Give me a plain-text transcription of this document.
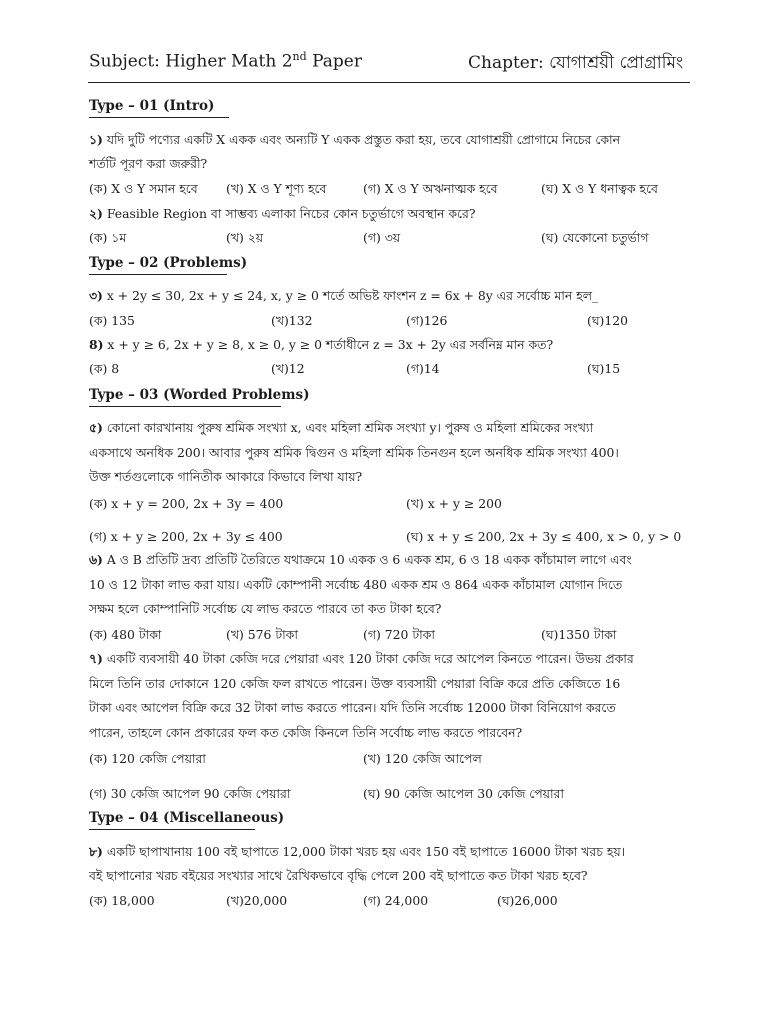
Subject: Higher Math 2nd Paper	Chapter: যোগাশ্রয়ী প্রোগ্রামিং
Type – 01 (Intro)
১) যদি দুটি পণ্যের একটি X একক এবং অন্যটি Y একক প্রস্তুত করা হয়, তবে যোগাশ্রয়ী প্রোগামে নিচের কোন
শর্তটি পূরণ করা জরুরী?
(ক) X ও Y সমান হবে (খ) X ও Y শূণ্য হবে	(গ) X ও Y অঋনাত্মক হবে	(ঘ) X ও Y ধনাত্বক হবে
২) Feasible Region বা সাম্ভব্য এলাকা নিচের কোন চতুর্ভাগে অবস্থান করে?
(ক) ১ম	(খ) ২য়	(গ) ৩য়	(ঘ) যেকোনো চতুর্ভাগ
Type – 02 (Problems)
৩) x + 2y ≤ 30, 2x + y ≤ 24, x, y ≥ 0 শর্তে অভিষ্ট ফাংশন z = 6x + 8y এর সর্বোচ্চ মান হল_
(ক) 135	(খ)132	(গ)126	(ঘ)120
8) x + y ≥ 6, 2x + y ≥ 8, x ≥ 0, y ≥ 0 শর্তাধীনে z = 3x + 2y এর সর্বনিম্ন মান কত?
(ক) 8	(খ)12	(গ)14	(ঘ)15
Type – 03 (Worded Problems)
৫) কোনো কারখানায় পুরুষ শ্রমিক সংখ্যা x, এবং মহিলা শ্রমিক সংখ্যা y। পুরুষ ও মহিলা শ্রমিকের সংখ্যা
একসাথে অনধিক 200। আবার পুরুষ শ্রমিক দ্বিগুন ও মহিলা শ্রমিক তিনগুন হলে অনধিক শ্রমিক সংখ্যা 400।
উক্ত শর্তগুলোকে গানিতীক আকারে কিভাবে লিখা যায়?
(ক) x + y = 200, 2x + 3y = 400	(খ) x + y ≥ 200
(গ) x + y ≥ 200, 2x + 3y ≤ 400	(ঘ) x + y ≤ 200, 2x + 3y ≤ 400, x > 0, y > 0
৬) A ও B প্রতিটি দ্রব্য প্রতিটি তৈরিতে যথাক্রমে 10 একক ও 6 একক শ্রম, 6 ও 18 একক কাঁচামাল লাগে এবং
10 ও 12 টাকা লাভ করা যায়। একটি কোম্পানী সর্বোচ্চ 480 একক শ্রম ও 864 একক কাঁচামাল যোগান দিতে
সক্ষম হলে কোম্পানিটি সর্বোচ্চ যে লাভ করতে পারবে তা কত টাকা হবে?
(ক) 480 টাকা	(খ) 576 টাকা	(গ) 720 টাকা	(ঘ)1350 টাকা
৭) একটি ব্যবসায়ী 40 টাকা কেজি দরে পেয়ারা এবং 120 টাকা কেজি দরে আপেল কিনতে পারেন। উভয় প্রকার
মিলে তিনি তার দোকানে 120 কেজি ফল রাখতে পারেন। উক্ত ব্যবসায়ী পেয়ারা বিক্রি করে প্রতি কেজিতে 16
টাকা এবং আপেল বিক্রি করে 32 টাকা লাভ করতে পারেন। যদি তিনি সর্বোচ্চ 12000 টাকা বিনিয়োগ করতে
পারেন, তাহলে কোন প্রকারের ফল কত কেজি কিনলে তিনি সর্বোচ্চ লাভ করতে পারবেন?
(ক) 120 কেজি পেয়ারা	(খ) 120 কেজি আপেল
(গ) 30 কেজি আপেল 90 কেজি পেয়ারা	(ঘ) 90 কেজি আপেল 30 কেজি পেয়ারা
Type – 04 (Miscellaneous)
৮) একটি ছাপাখানায় 100 বই ছাপাতে 12,000 টাকা খরচ হয় এবং 150 বই ছাপাতে 16000 টাকা খরচ হয়।
বই ছাপানোর খরচ বইয়ের সংখ্যার সাথে রৈখিকভাবে বৃদ্ধি পেলে 200 বই ছাপাতে কত টাকা খরচ হবে?
(ক) 18,000	(খ)20,000	(গ) 24,000	(ঘ)26,000
